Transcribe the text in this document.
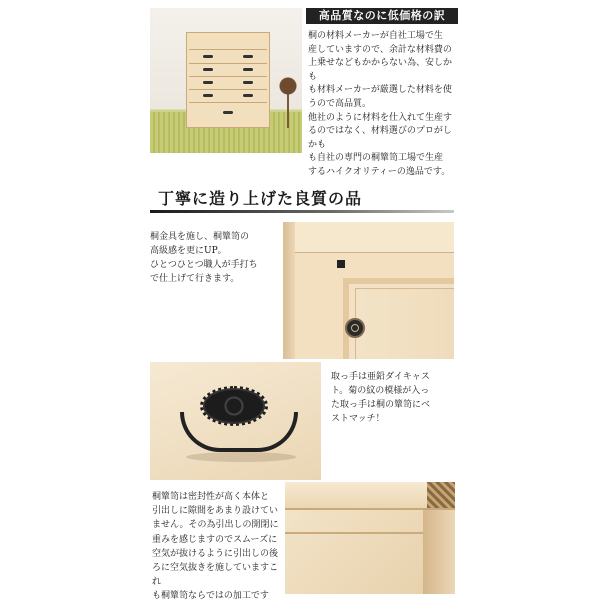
高品質なのに低価格の訳

桐の材料メーカーが自社工場で生
産していますので、余計な材料費の
上乗せなどもかからない為、安しかも
も材料メーカーが厳選した材料を使
うので高品質。
他社のように材料を仕入れて生産す
るのではなく、材料選びのプロがしかも
も自社の専門の桐簞笥工場で生産
するハイクオリティーの逸品です。

丁寧に造り上げた良質の品

桐金具を施し、桐簞笥の
高級感を更にUP。
ひとつひとつ職人が手打ち
で仕上げて行きます。

取っ手は亜鉛ダイキャス
ト。菊の紋の模様が入っ
た取っ手は桐の簞笥にベ
ストマッチ！

桐簞笥は密封性が高く本体と
引出しに隙間をあまり設けてい
ません。その為引出しの開閉に
重みを感じますのでスムーズに
空気が抜けるように引出しの後
ろに空気抜きを施していますこれ
も桐簞笥ならではの加工です
